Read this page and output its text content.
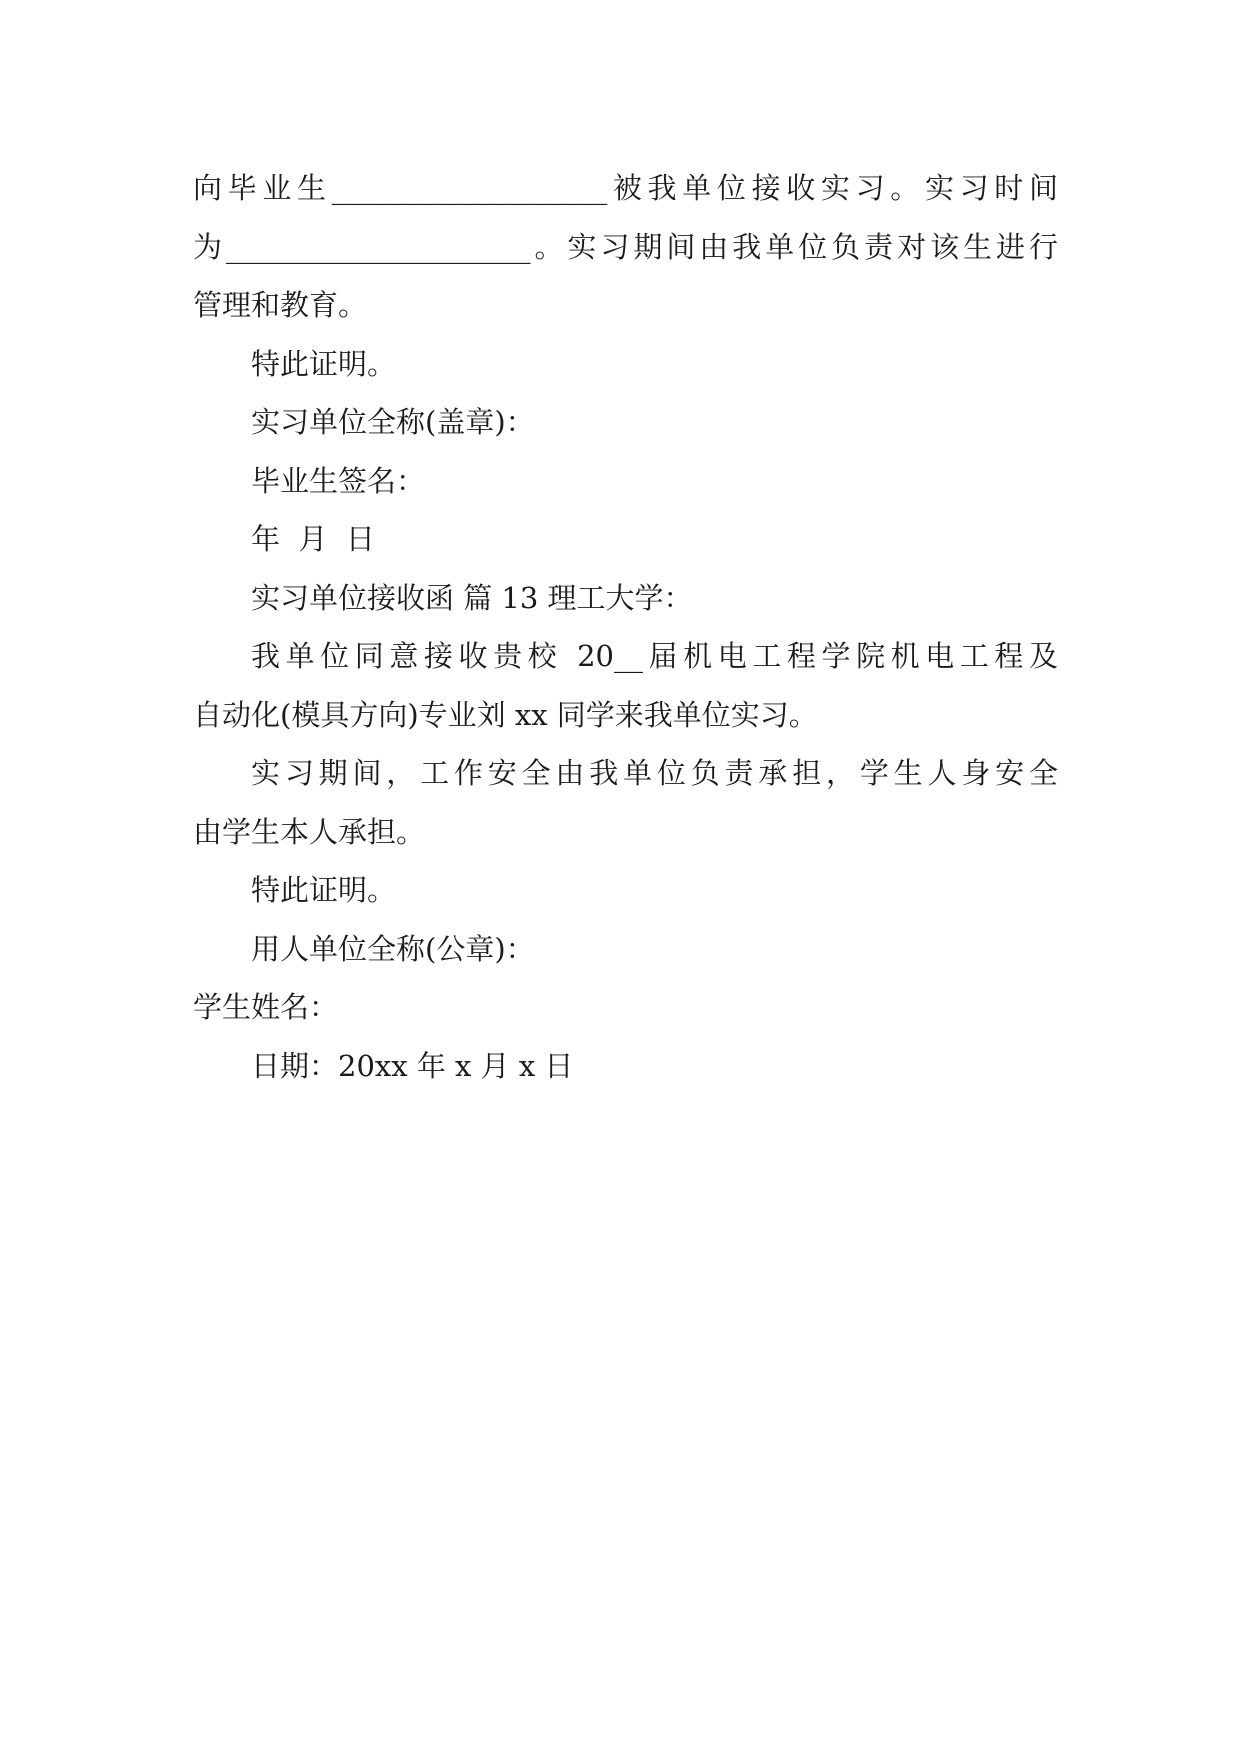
向毕业生___________________被我单位接收实习。实习时间
为_____________________。实习期间由我单位负责对该生进行
管理和教育。
特此证明。
实习单位全称(盖章)：
毕业生签名：
年  月  日
实习单位接收函 篇 13 理工大学：
我单位同意接收贵校 20__届机电工程学院机电工程及
自动化(模具方向)专业刘 xx 同学来我单位实习。
实习期间，工作安全由我单位负责承担，学生人身安全
由学生本人承担。
特此证明。
用人单位全称(公章)：
学生姓名：
日期：20xx 年 x 月 x 日
